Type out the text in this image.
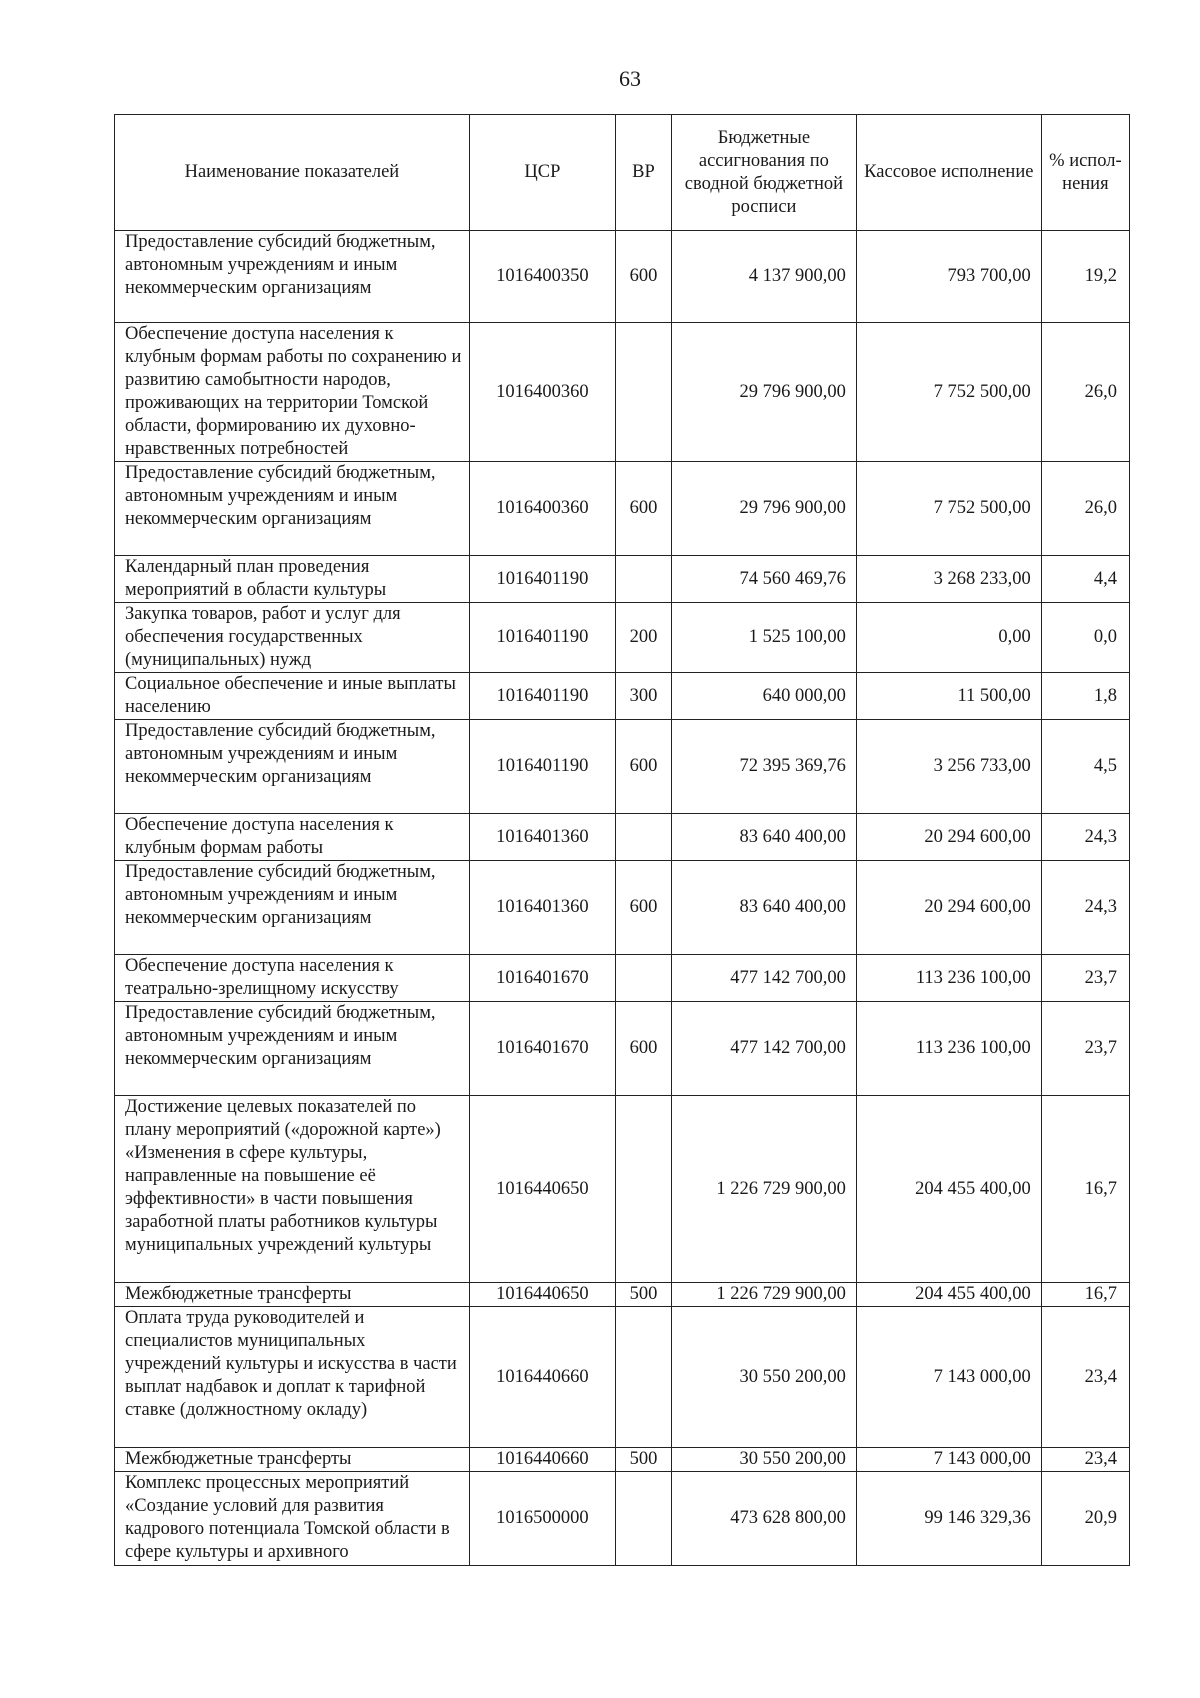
63
Наименование показателей	ЦСР	ВР	Бюджетные ассигнования по сводной бюджетной росписи	Кассовое исполнение	% испол-нения
Предоставление субсидий бюджетным, автономным учреждениям и иным некоммерческим организациям	1016400350	600	4 137 900,00	793 700,00	19,2
Обеспечение доступа населения к клубным формам работы по сохранению и развитию самобытности народов, проживающих на территории Томской области, формированию их духовно-нравственных потребностей	1016400360		29 796 900,00	7 752 500,00	26,0
Предоставление субсидий бюджетным, автономным учреждениям и иным некоммерческим организациям	1016400360	600	29 796 900,00	7 752 500,00	26,0
Календарный план проведения мероприятий в области культуры	1016401190		74 560 469,76	3 268 233,00	4,4
Закупка товаров, работ и услуг для обеспечения государственных (муниципальных) нужд	1016401190	200	1 525 100,00	0,00	0,0
Социальное обеспечение и иные выплаты населению	1016401190	300	640 000,00	11 500,00	1,8
Предоставление субсидий бюджетным, автономным учреждениям и иным некоммерческим организациям	1016401190	600	72 395 369,76	3 256 733,00	4,5
Обеспечение доступа населения к клубным формам работы	1016401360		83 640 400,00	20 294 600,00	24,3
Предоставление субсидий бюджетным, автономным учреждениям и иным некоммерческим организациям	1016401360	600	83 640 400,00	20 294 600,00	24,3
Обеспечение доступа населения к театрально-зрелищному искусству	1016401670		477 142 700,00	113 236 100,00	23,7
Предоставление субсидий бюджетным, автономным учреждениям и иным некоммерческим организациям	1016401670	600	477 142 700,00	113 236 100,00	23,7
Достижение целевых показателей по плану мероприятий («дорожной карте») «Изменения в сфере культуры, направленные на повышение её эффективности» в части повышения заработной платы работников культуры муниципальных учреждений культуры	1016440650		1 226 729 900,00	204 455 400,00	16,7
Межбюджетные трансферты	1016440650	500	1 226 729 900,00	204 455 400,00	16,7
Оплата труда руководителей и специалистов муниципальных учреждений культуры и искусства в части выплат надбавок и доплат к тарифной ставке (должностному окладу)	1016440660		30 550 200,00	7 143 000,00	23,4
Межбюджетные трансферты	1016440660	500	30 550 200,00	7 143 000,00	23,4
Комплекс процессных мероприятий «Создание условий для развития кадрового потенциала Томской области в сфере культуры и архивного	1016500000		473 628 800,00	99 146 329,36	20,9
